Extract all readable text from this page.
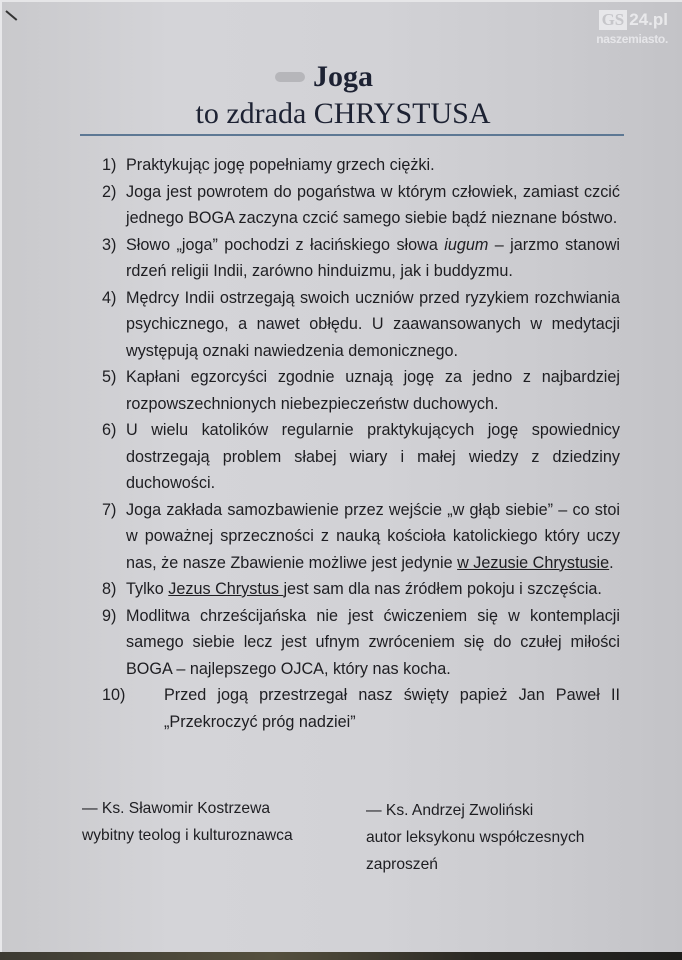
GS 24.pl
naszemiasto.
Joga
to zdrada CHRYSTUSA
1) Praktykując jogę popełniamy grzech ciężki.
2) Joga jest powrotem do pogaństwa w którym człowiek, zamiast czcić jednego BOGA zaczyna czcić samego siebie bądź nieznane bóstwo.
3) Słowo „joga” pochodzi z łacińskiego słowa iugum – jarzmo stanowi rdzeń religii Indii, zarówno hinduizmu, jak i buddyzmu.
4) Mędrcy Indii ostrzegają swoich uczniów przed ryzykiem rozchwiania psychicznego, a nawet obłędu. U zaawansowanych w medytacji występują oznaki nawiedzenia demonicznego.
5) Kapłani egzorcyści zgodnie uznają jogę za jedno z najbardziej rozpowszechnionych niebezpieczeństw duchowych.
6) U wielu katolików regularnie praktykujących jogę spowiednicy dostrzegają problem słabej wiary i małej wiedzy z dziedziny duchowości.
7) Joga zakłada samozbawienie przez wejście „w głąb siebie” – co stoi w poważnej sprzeczności z nauką kościoła katolickiego który uczy nas, że nasze Zbawienie możliwe jest jedynie w Jezusie Chrystusie.
8) Tylko Jezus Chrystus jest sam dla nas źródłem pokoju i szczęścia.
9) Modlitwa chrześcijańska nie jest ćwiczeniem się w kontemplacji samego siebie lecz jest ufnym zwróceniem się do czułej miłości BOGA – najlepszego OJCA, który nas kocha.
10)	Przed jogą przestrzegał nasz święty papież Jan Paweł II „Przekroczyć próg nadziei”
— Ks. Sławomir Kostrzewa
wybitny teolog i kulturoznawca
— Ks. Andrzej Zwoliński
autor leksykonu współczesnych zaproszeń
